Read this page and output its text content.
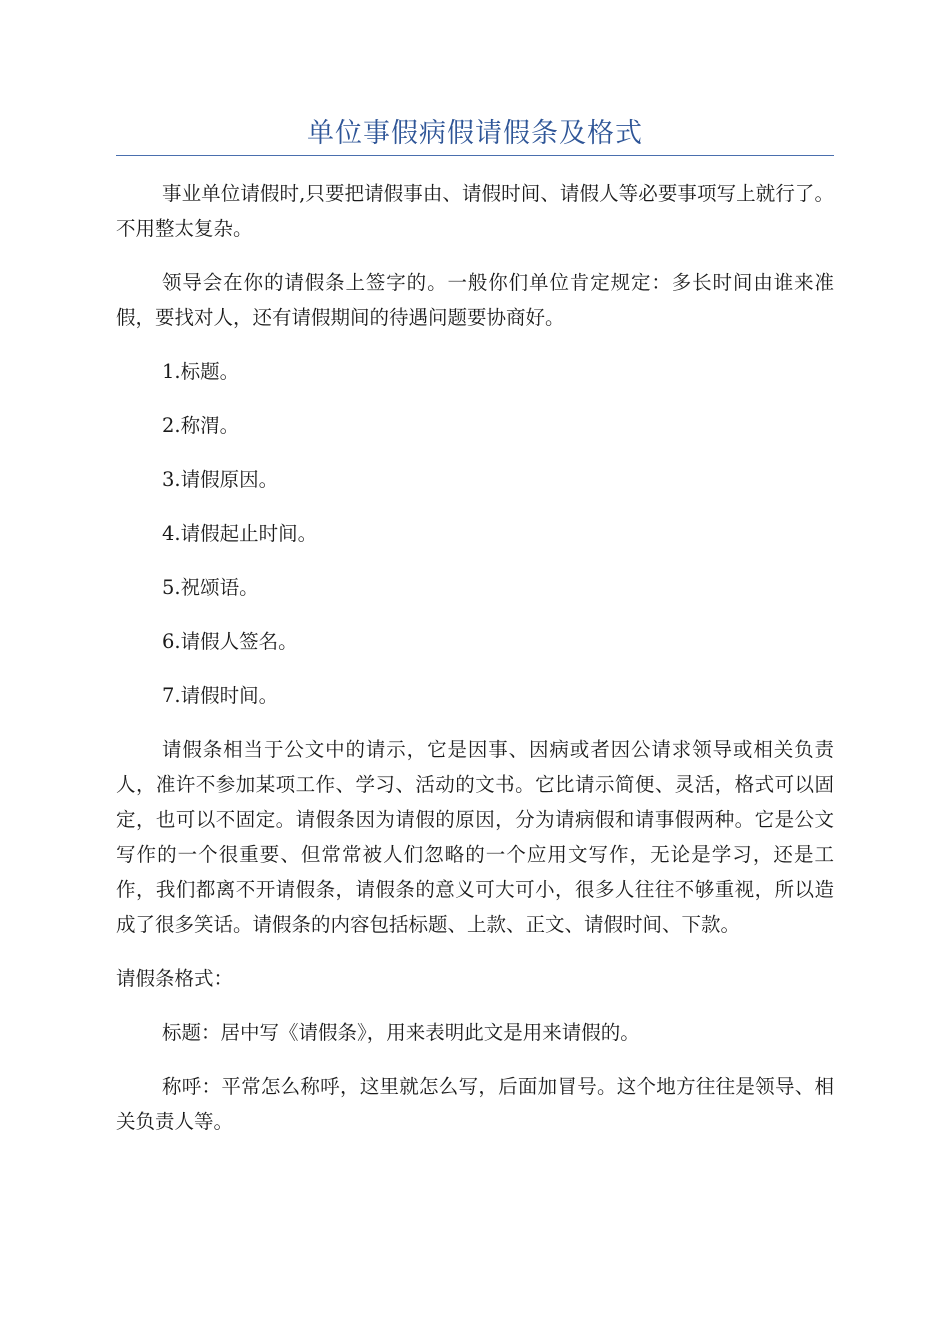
单位事假病假请假条及格式

事业单位请假时,只要把请假事由、请假时间、请假人等必要事项写上就行了。不用整太复杂。

领导会在你的请假条上签字的。一般你们单位肯定规定：多长时间由谁来准假，要找对人，还有请假期间的待遇问题要协商好。

1.标题。

2.称渭。

3.请假原因。

4.请假起止时间。

5.祝颂语。

6.请假人签名。

7.请假时间。

请假条相当于公文中的请示，它是因事、因病或者因公请求领导或相关负责人，准许不参加某项工作、学习、活动的文书。它比请示简便、灵活，格式可以固定，也可以不固定。请假条因为请假的原因，分为请病假和请事假两种。它是公文写作的一个很重要、但常常被人们忽略的一个应用文写作，无论是学习，还是工作，我们都离不开请假条，请假条的意义可大可小，很多人往往不够重视，所以造成了很多笑话。请假条的内容包括标题、上款、正文、请假时间、下款。

请假条格式：

标题：居中写《请假条》，用来表明此文是用来请假的。

称呼：平常怎么称呼，这里就怎么写，后面加冒号。这个地方往往是领导、相关负责人等。
